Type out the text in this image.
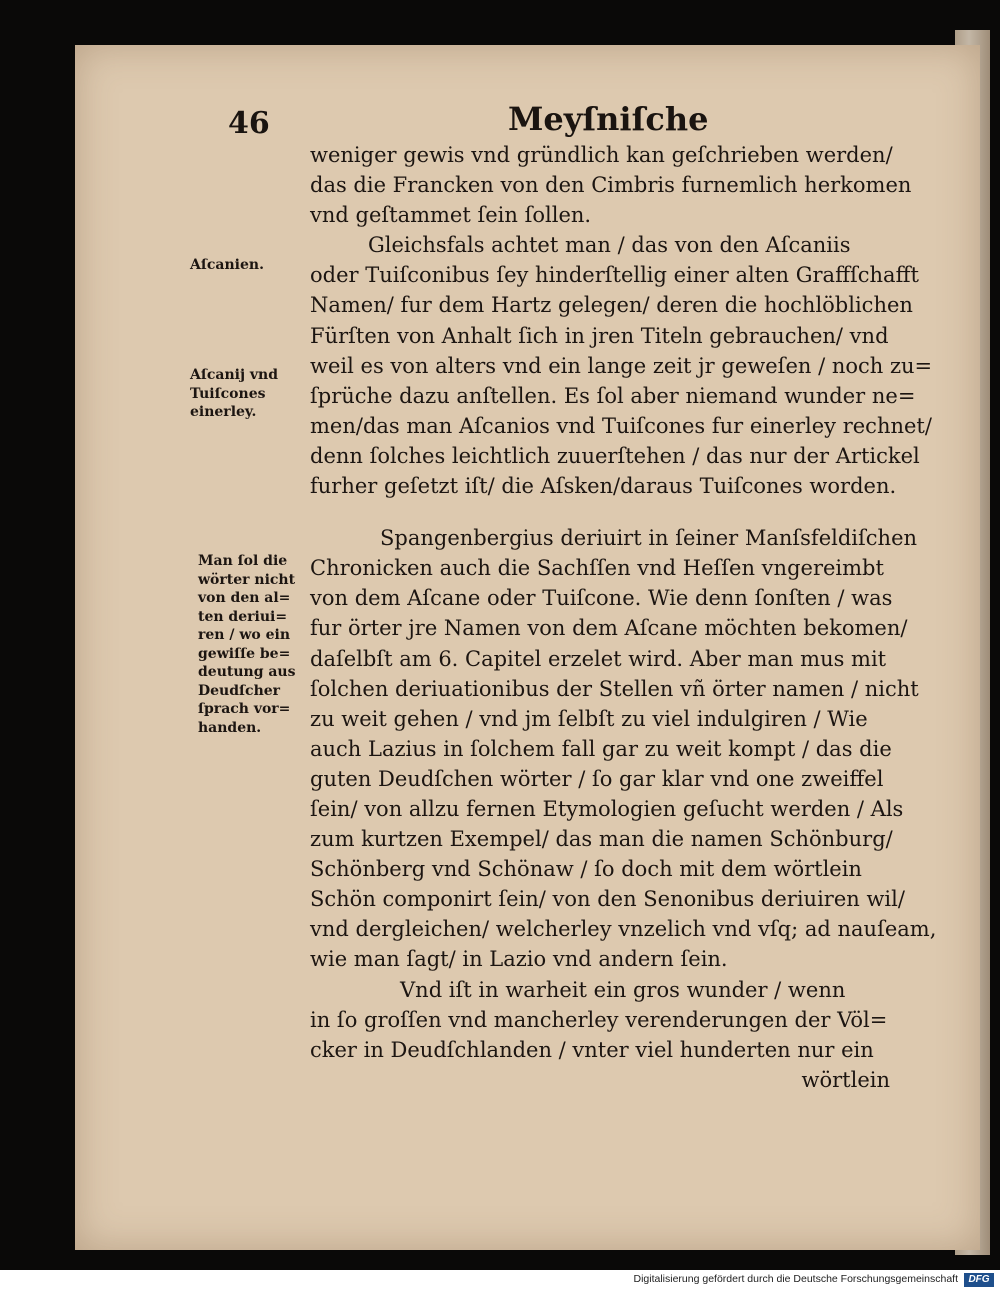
46	Meyſniſche
weniger gewis vnd gründlich kan geſchrieben werden/
das die Francken von den Cimbris furnemlich herkomen
vnd geſtammet ſein ſollen.
Gleichsfals achtet man / das von den Aſcaniis
oder Tuiſconibus ſey hinderſtellig einer alten Graffſchafft
Namen/ fur dem Hartz gelegen/ deren die hochlöblichen
Fürſten von Anhalt ſich in jren Titeln gebrauchen/ vnd
weil es von alters vnd ein lange zeit jr geweſen / noch zu=
ſprüche dazu anſtellen. Es ſol aber niemand wunder ne=
men/das man Aſcanios vnd Tuiſcones fur einerley rechnet/
denn ſolches leichtlich zuuerſtehen / das nur der Artickel
furher geſetzt iſt/ die Aſsken/daraus Tuiſcones worden.
Spangenbergius deriuirt in ſeiner Manſsfeldiſchen
Chronicken auch die Sachſſen vnd Heſſen vngereimbt
von dem Aſcane oder Tuiſcone. Wie denn ſonſten / was
fur örter jre Namen von dem Aſcane möchten bekomen/
daſelbſt am 6. Capitel erzelet wird. Aber man mus mit
ſolchen deriuationibus der Stellen vñ örter namen / nicht
zu weit gehen / vnd jm ſelbſt zu viel indulgiren / Wie
auch Lazius in ſolchem fall gar zu weit kompt / das die
guten Deudſchen wörter / ſo gar klar vnd one zweiffel
ſein/ von allzu fernen Etymologien geſucht werden / Als
zum kurtzen Exempel/ das man die namen Schönburg/
Schönberg vnd Schönaw / ſo doch mit dem wörtlein
Schön componirt ſein/ von den Senonibus deriuiren wil/
vnd dergleichen/ welcherley vnzelich vnd vſq; ad nauſeam,
wie man ſagt/ in Lazio vnd andern ſein.
Vnd iſt in warheit ein gros wunder / wenn
in ſo groſſen vnd mancherley verenderungen der Völ=
cker in Deudſchlanden / vnter viel hunderten nur ein
wörtlein
Aſcanien.
Aſcanij vnd
Tuiſcones
einerley.
Man ſol die
wörter nicht
von den al=
ten deriui=
ren / wo ein
gewiſſe be=
deutung aus
Deudſcher
ſprach vor=
handen.
Digitalisierung gefördert durch die Deutsche Forschungsgemeinschaft	DFG
